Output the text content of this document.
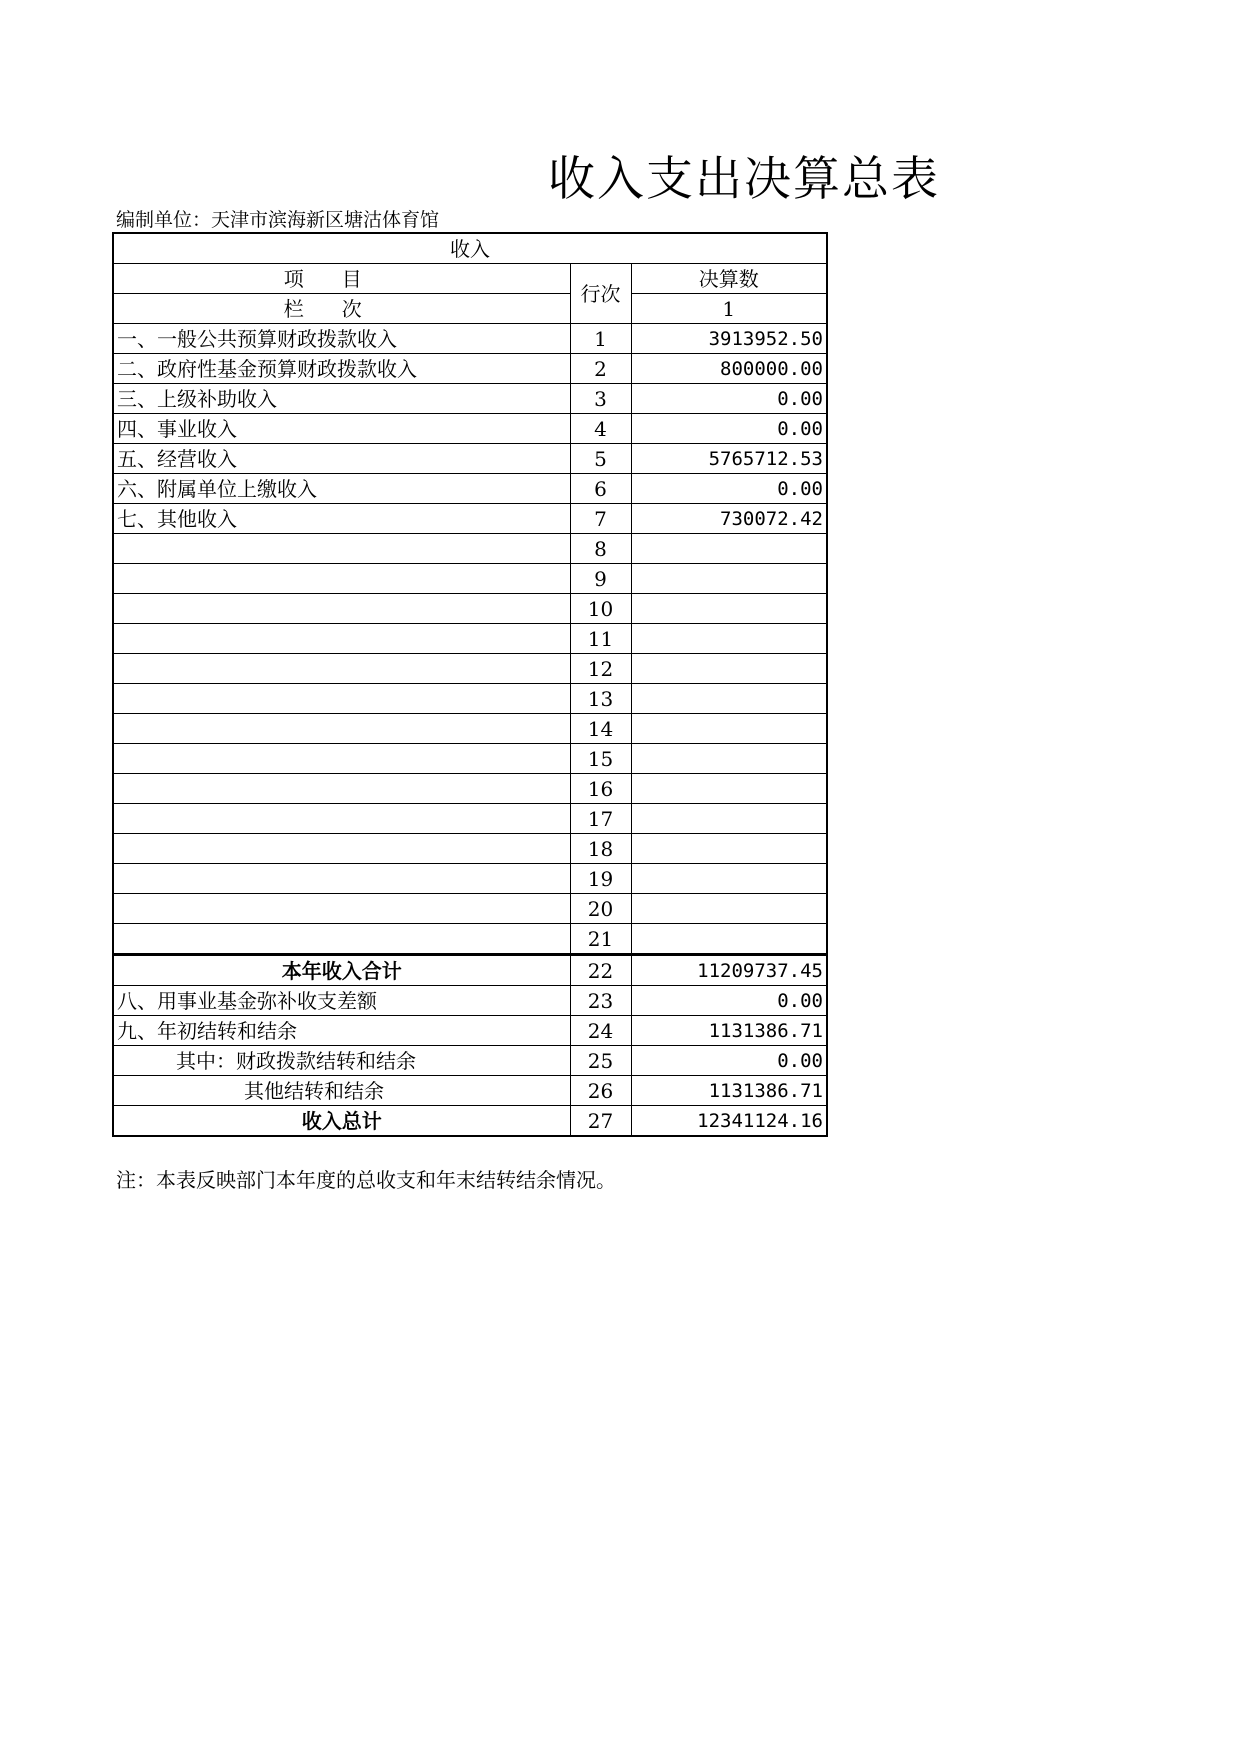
收入支出决算总表
编制单位：天津市滨海新区塘沽体育馆
收入		
项目	行次	决算数
栏次		1
一、一般公共预算财政拨款收入	1	3913952.50
二、政府性基金预算财政拨款收入	2	800000.00
三、上级补助收入	3	0.00
四、事业收入	4	0.00
五、经营收入	5	5765712.53
六、附属单位上缴收入	6	0.00
七、其他收入	7	730072.42
	8	
	9	
	10	
	11	
	12	
	13	
	14	
	15	
	16	
	17	
	18	
	19	
	20	
	21	
本年收入合计	22	11209737.45
八、用事业基金弥补收支差额	23	0.00
九、年初结转和结余	24	1131386.71
其中：财政拨款结转和结余	25	0.00
其他结转和结余	26	1131386.71
收入总计	27	12341124.16
注：本表反映部门本年度的总收支和年末结转结余情况。
